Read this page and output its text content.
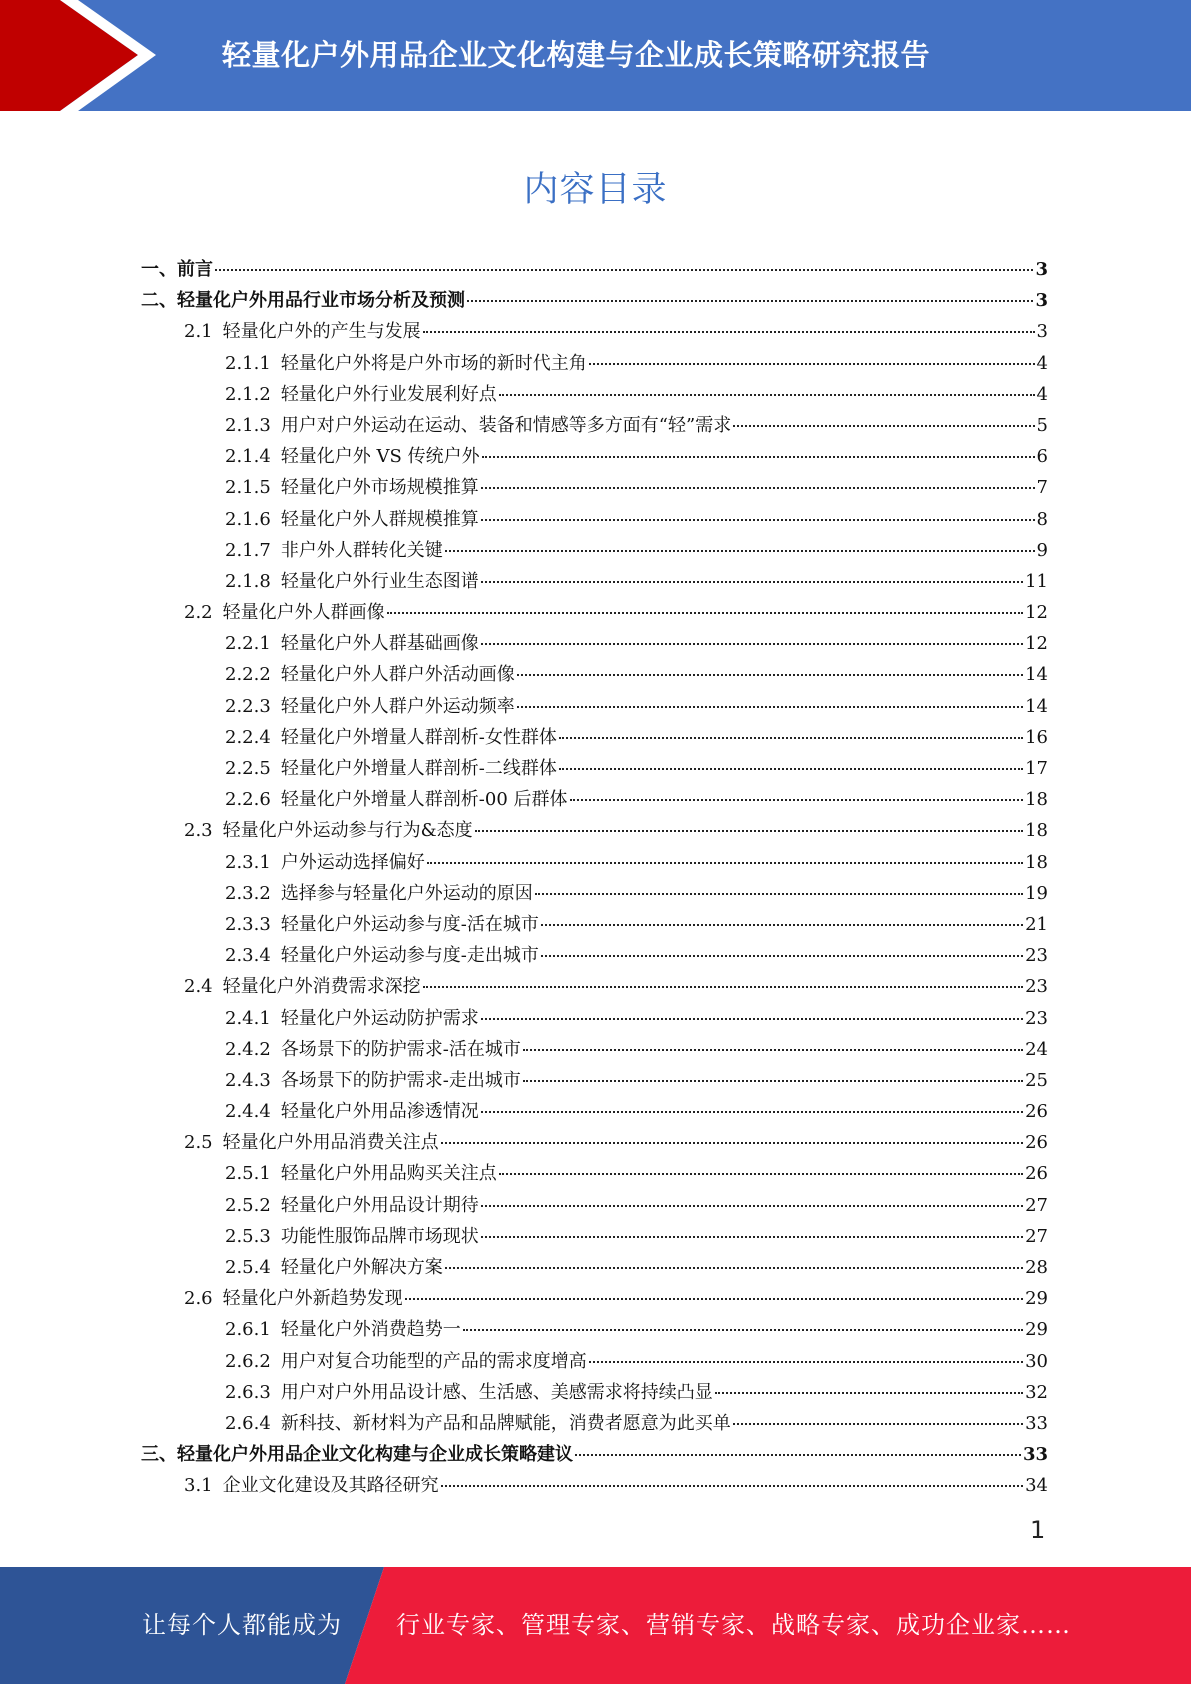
轻量化户外用品企业文化构建与企业成长策略研究报告
内容目录
一、 前言	3
二、 轻量化户外用品行业市场分析及预测	3
2.1 轻量化户外的产生与发展	3
2.1.1 轻量化户外将是户外市场的新时代主角	4
2.1.2 轻量化户外行业发展利好点	4
2.1.3 用户对户外运动在运动、装备和情感等多方面有“轻”需求	5
2.1.4 轻量化户外 VS 传统户外	6
2.1.5 轻量化户外市场规模推算	7
2.1.6 轻量化户外人群规模推算	8
2.1.7 非户外人群转化关键	9
2.1.8 轻量化户外行业生态图谱	11
2.2 轻量化户外人群画像	12
2.2.1 轻量化户外人群基础画像	12
2.2.2 轻量化户外人群户外活动画像	14
2.2.3 轻量化户外人群户外运动频率	14
2.2.4 轻量化户外增量人群剖析-女性群体	16
2.2.5 轻量化户外增量人群剖析-二线群体	17
2.2.6 轻量化户外增量人群剖析-00 后群体	18
2.3 轻量化户外运动参与行为&态度	18
2.3.1 户外运动选择偏好	18
2.3.2 选择参与轻量化户外运动的原因	19
2.3.3 轻量化户外运动参与度-活在城市	21
2.3.4 轻量化户外运动参与度-走出城市	23
2.4 轻量化户外消费需求深挖	23
2.4.1 轻量化户外运动防护需求	23
2.4.2 各场景下的防护需求-活在城市	24
2.4.3 各场景下的防护需求-走出城市	25
2.4.4 轻量化户外用品渗透情况	26
2.5 轻量化户外用品消费关注点	26
2.5.1 轻量化户外用品购买关注点	26
2.5.2 轻量化户外用品设计期待	27
2.5.3 功能性服饰品牌市场现状	27
2.5.4 轻量化户外解决方案	28
2.6 轻量化户外新趋势发现	29
2.6.1 轻量化户外消费趋势一	29
2.6.2 用户对复合功能型的产品的需求度增高	30
2.6.3 用户对户外用品设计感、生活感、美感需求将持续凸显	32
2.6.4 新科技、新材料为产品和品牌赋能，消费者愿意为此买单	33
三、 轻量化户外用品企业文化构建与企业成长策略建议	33
3.1 企业文化建设及其路径研究	34
1
让每个人都能成为 行业专家、管理专家、营销专家、战略专家、成功企业家……
